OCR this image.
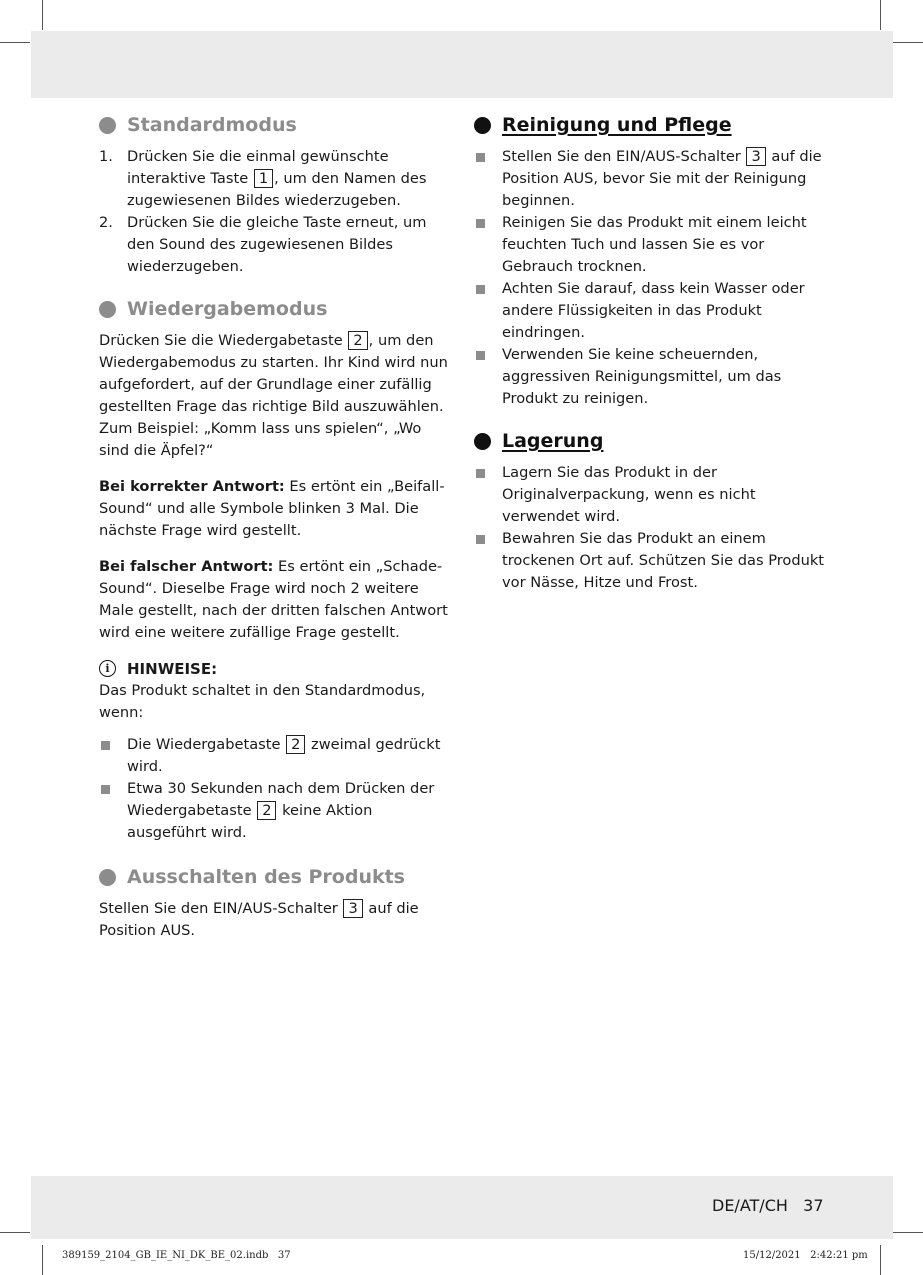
Standardmodus
1. Drücken Sie die einmal gewünschte interaktive Taste 1 , um den Namen des zugewiesenen Bildes wiederzugeben.
2. Drücken Sie die gleiche Taste erneut, um den Sound des zugewiesenen Bildes wiederzugeben.
Wiedergabemodus

Drücken Sie die Wiedergabetaste 2 , um den Wiedergabemodus zu starten. Ihr Kind wird nun aufgefordert, auf der Grundlage einer zufällig gestellten Frage das richtige Bild auszuwählen. Zum Beispiel: „Komm lass uns spielen“, „Wo sind die Äpfel?“

Bei korrekter Antwort: Es ertönt ein „Beifall-Sound“ und alle Symbole blinken 3 Mal. Die nächste Frage wird gestellt.

Bei falscher Antwort: Es ertönt ein „Schade-Sound“. Dieselbe Frage wird noch 2 weitere Male gestellt, nach der dritten falschen Antwort wird eine weitere zufällige Frage gestellt.

i	HINWEISE:

Das Produkt schaltet in den Standardmodus, wenn:

Die Wiedergabetaste 2 zweimal gedrückt wird.
Etwa 30 Sekunden nach dem Drücken der Wiedergabetaste 2 keine Aktion ausgeführt wird.
Ausschalten des Produkts

Stellen Sie den EIN/AUS-Schalter 3 auf die Position AUS.

Reinigung und Pflege
Stellen Sie den EIN/AUS-Schalter 3 auf die Position AUS, bevor Sie mit der Reinigung beginnen.
Reinigen Sie das Produkt mit einem leicht feuchten Tuch und lassen Sie es vor Gebrauch trocknen.
Achten Sie darauf, dass kein Wasser oder andere Flüssigkeiten in das Produkt eindringen.
Verwenden Sie keine scheuernden, aggressiven Reinigungsmittel, um das Produkt zu reinigen.
Lagerung
Lagern Sie das Produkt in der Originalverpackung, wenn es nicht verwendet wird.
Bewahren Sie das Produkt an einem trockenen Ort auf. Schützen Sie das Produkt vor Nässe, Hitze und Frost.
DE/AT/CH   37
389159_2104_GB_IE_NI_DK_BE_02.indb   37	15/12/2021   2:42:21 pm
